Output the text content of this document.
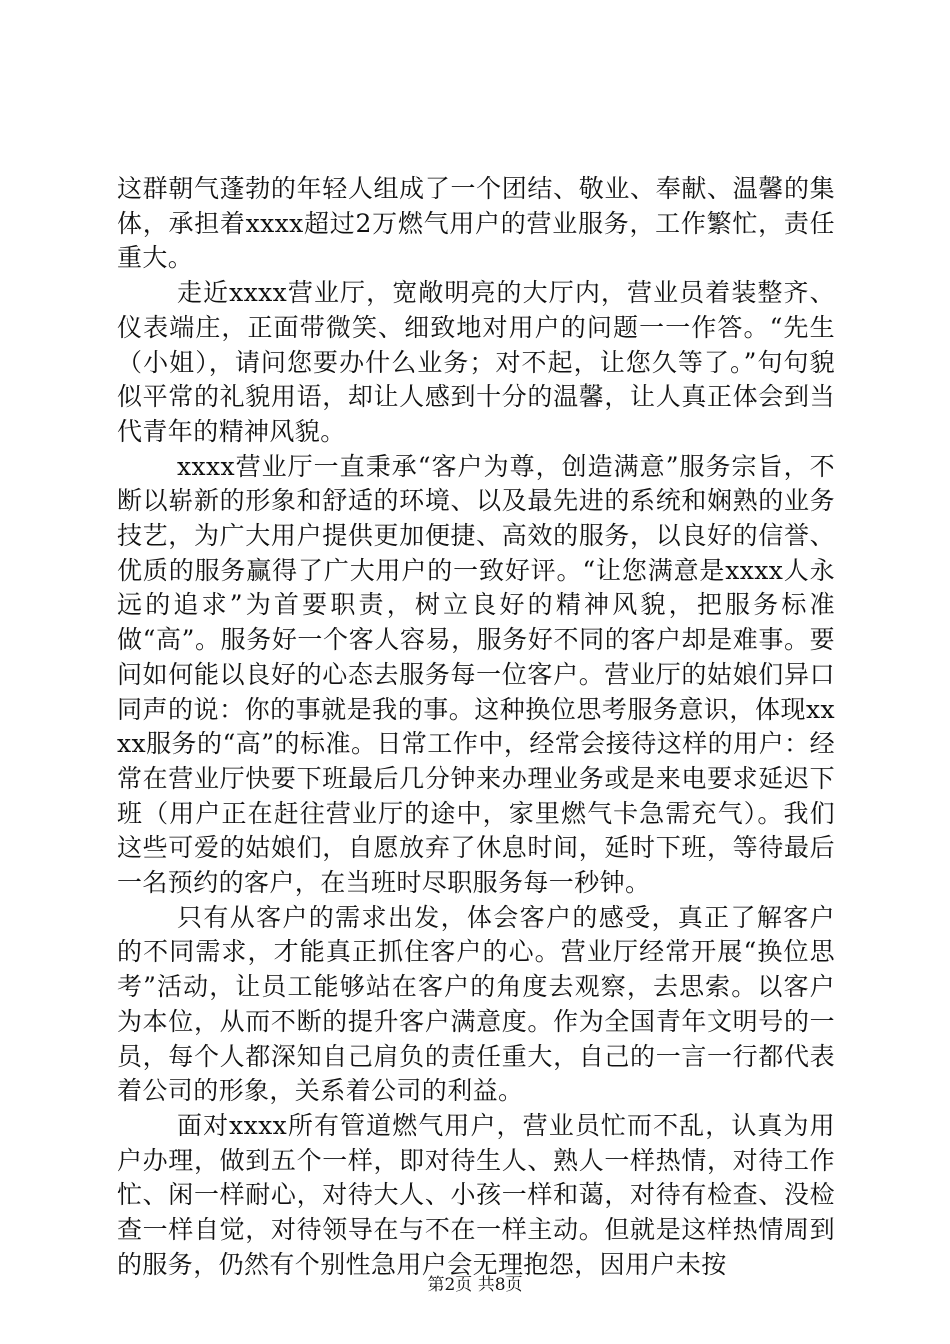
这群朝气蓬勃的年轻人组成了一个团结、敬业、奉献、温馨的集体，承担着xxxx超过2万燃气用户的营业服务，工作繁忙，责任重大。

走近xxxx营业厅，宽敞明亮的大厅内，营业员着装整齐、仪表端庄，正面带微笑、细致地对用户的问题一一作答。“先生（小姐），请问您要办什么业务；对不起，让您久等了。”句句貌似平常的礼貌用语，却让人感到十分的温馨，让人真正体会到当代青年的精神风貌。

xxxx营业厅一直秉承“客户为尊，创造满意”服务宗旨，不断以崭新的形象和舒适的环境、以及最先进的系统和娴熟的业务技艺，为广大用户提供更加便捷、高效的服务，以良好的信誉、优质的服务赢得了广大用户的一致好评。“让您满意是xxxx人永远的追求”为首要职责，树立良好的精神风貌，把服务标准做“高”。服务好一个客人容易，服务好不同的客户却是难事。要问如何能以良好的心态去服务每一位客户。营业厅的姑娘们异口同声的说：你的事就是我的事。这种换位思考服务意识，体现xxxx服务的“高”的标准。日常工作中，经常会接待这样的用户：经常在营业厅快要下班最后几分钟来办理业务或是来电要求延迟下班（用户正在赶往营业厅的途中，家里燃气卡急需充气）。我们这些可爱的姑娘们，自愿放弃了休息时间，延时下班，等待最后一名预约的客户，在当班时尽职服务每一秒钟。

只有从客户的需求出发，体会客户的感受，真正了解客户的不同需求，才能真正抓住客户的心。营业厅经常开展“换位思考”活动，让员工能够站在客户的角度去观察，去思索。以客户为本位，从而不断的提升客户满意度。作为全国青年文明号的一员，每个人都深知自己肩负的责任重大，自己的一言一行都代表着公司的形象，关系着公司的利益。

面对xxxx所有管道燃气用户，营业员忙而不乱，认真为用户办理，做到五个一样，即对待生人、熟人一样热情，对待工作忙、闲一样耐心，对待大人、小孩一样和蔼，对待有检查、没检查一样自觉，对待领导在与不在一样主动。但就是这样热情周到的服务，仍然有个别性急用户会无理抱怨，因用户未按

第2页 共8页
